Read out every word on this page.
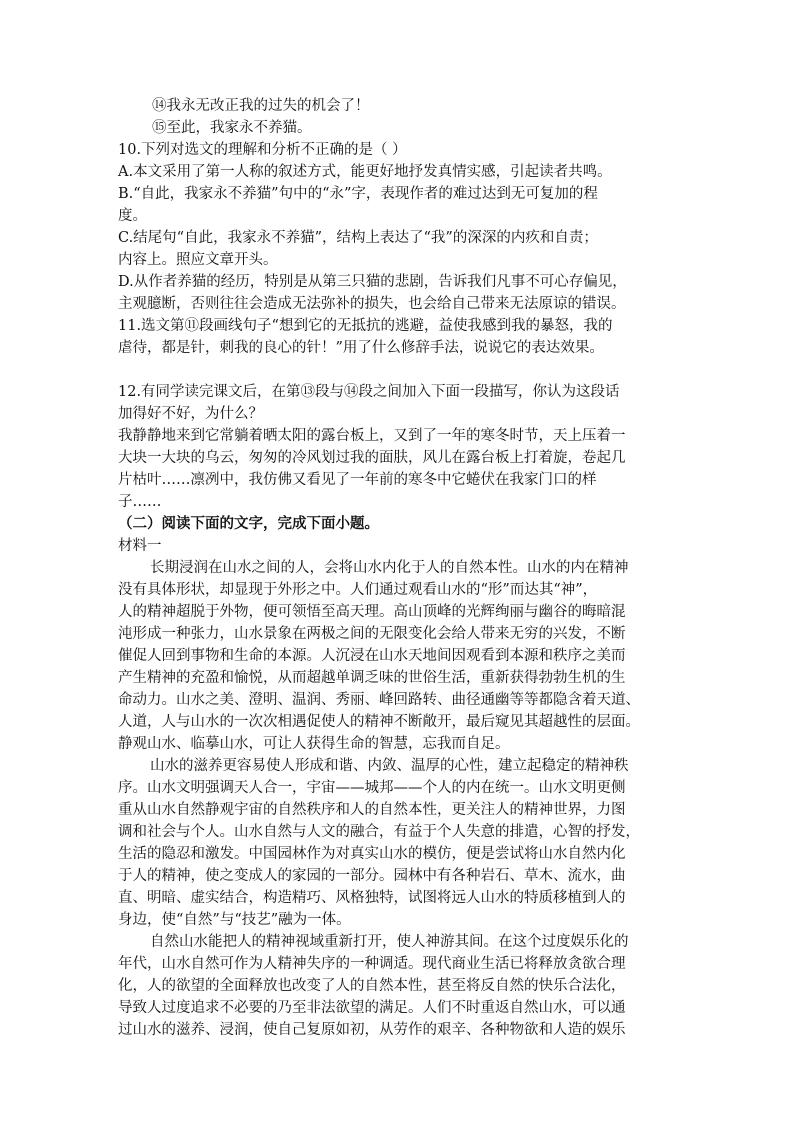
⑭我永无改正我的过失的机会了！
⑮至此，我家永不养猫。
10.下列对选文的理解和分析不正确的是（ ）
A.本文采用了第一人称的叙述方式，能更好地抒发真情实感，引起读者共鸣。
B.“自此，我家永不养猫”句中的“永”字，表现作者的难过达到无可复加的程
度。
C.结尾句“自此，我家永不养猫”，结构上表达了“我”的深深的内疚和自责；
内容上。照应文章开头。
D.从作者养猫的经历，特别是从第三只猫的悲剧，告诉我们凡事不可心存偏见，
主观臆断，否则往往会造成无法弥补的损失，也会给自己带来无法原谅的错误。
11.选文第⑪段画线句子“想到它的无抵抗的逃避，益使我感到我的暴怒，我的
虐待，都是针，刺我的良心的针！”用了什么修辞手法，说说它的表达效果。
12.有同学读完课文后，在第⑬段与⑭段之间加入下面一段描写，你认为这段话
加得好不好，为什么？
我静静地来到它常躺着晒太阳的露台板上，又到了一年的寒冬时节，天上压着一
大块一大块的乌云，匆匆的冷风划过我的面肤，风儿在露台板上打着旋，卷起几
片枯叶……凛冽中，我仿佛又看见了一年前的寒冬中它蜷伏在我家门口的样
子……
（二）阅读下面的文字，完成下面小题。
材料一
长期浸润在山水之间的人，会将山水内化于人的自然本性。山水的内在精神
没有具体形状，却显现于外形之中。人们通过观看山水的“形”而达其“神”，
人的精神超脱于外物，便可领悟至高天理。高山顶峰的光辉绚丽与幽谷的晦暗混
沌形成一种张力，山水景象在两极之间的无限变化会给人带来无穷的兴发，不断
催促人回到事物和生命的本源。人沉浸在山水天地间因观看到本源和秩序之美而
产生精神的充盈和愉悦，从而超越单调乏味的世俗生活，重新获得勃勃生机的生
命动力。山水之美、澄明、温润、秀丽、峰回路转、曲径通幽等等都隐含着天道、
人道，人与山水的一次次相遇促使人的精神不断敞开，最后窥见其超越性的层面。
静观山水、临摹山水，可让人获得生命的智慧，忘我而自足。
山水的滋养更容易使人形成和谐、内敛、温厚的心性，建立起稳定的精神秩
序。山水文明强调天人合一，宇宙——城邦——个人的内在统一。山水文明更侧
重从山水自然静观宇宙的自然秩序和人的自然本性，更关注人的精神世界，力图
调和社会与个人。山水自然与人文的融合，有益于个人失意的排遣，心智的抒发，
生活的隐忍和激发。中国园林作为对真实山水的模仿，便是尝试将山水自然内化
于人的精神，使之变成人的家园的一部分。园林中有各种岩石、草木、流水，曲
直、明暗、虚实结合，构造精巧、风格独特，试图将远人山水的特质移植到人的
身边，使“自然”与“技艺”融为一体。
自然山水能把人的精神视域重新打开，使人神游其间。在这个过度娱乐化的
年代，山水自然可作为人精神失序的一种调适。现代商业生活已将释放贪欲合理
化，人的欲望的全面释放也改变了人的自然本性，甚至将反自然的快乐合法化，
导致人过度追求不必要的乃至非法欲望的满足。人们不时重返自然山水，可以通
过山水的滋养、浸润，使自己复原如初，从劳作的艰辛、各种物欲和人造的娱乐
